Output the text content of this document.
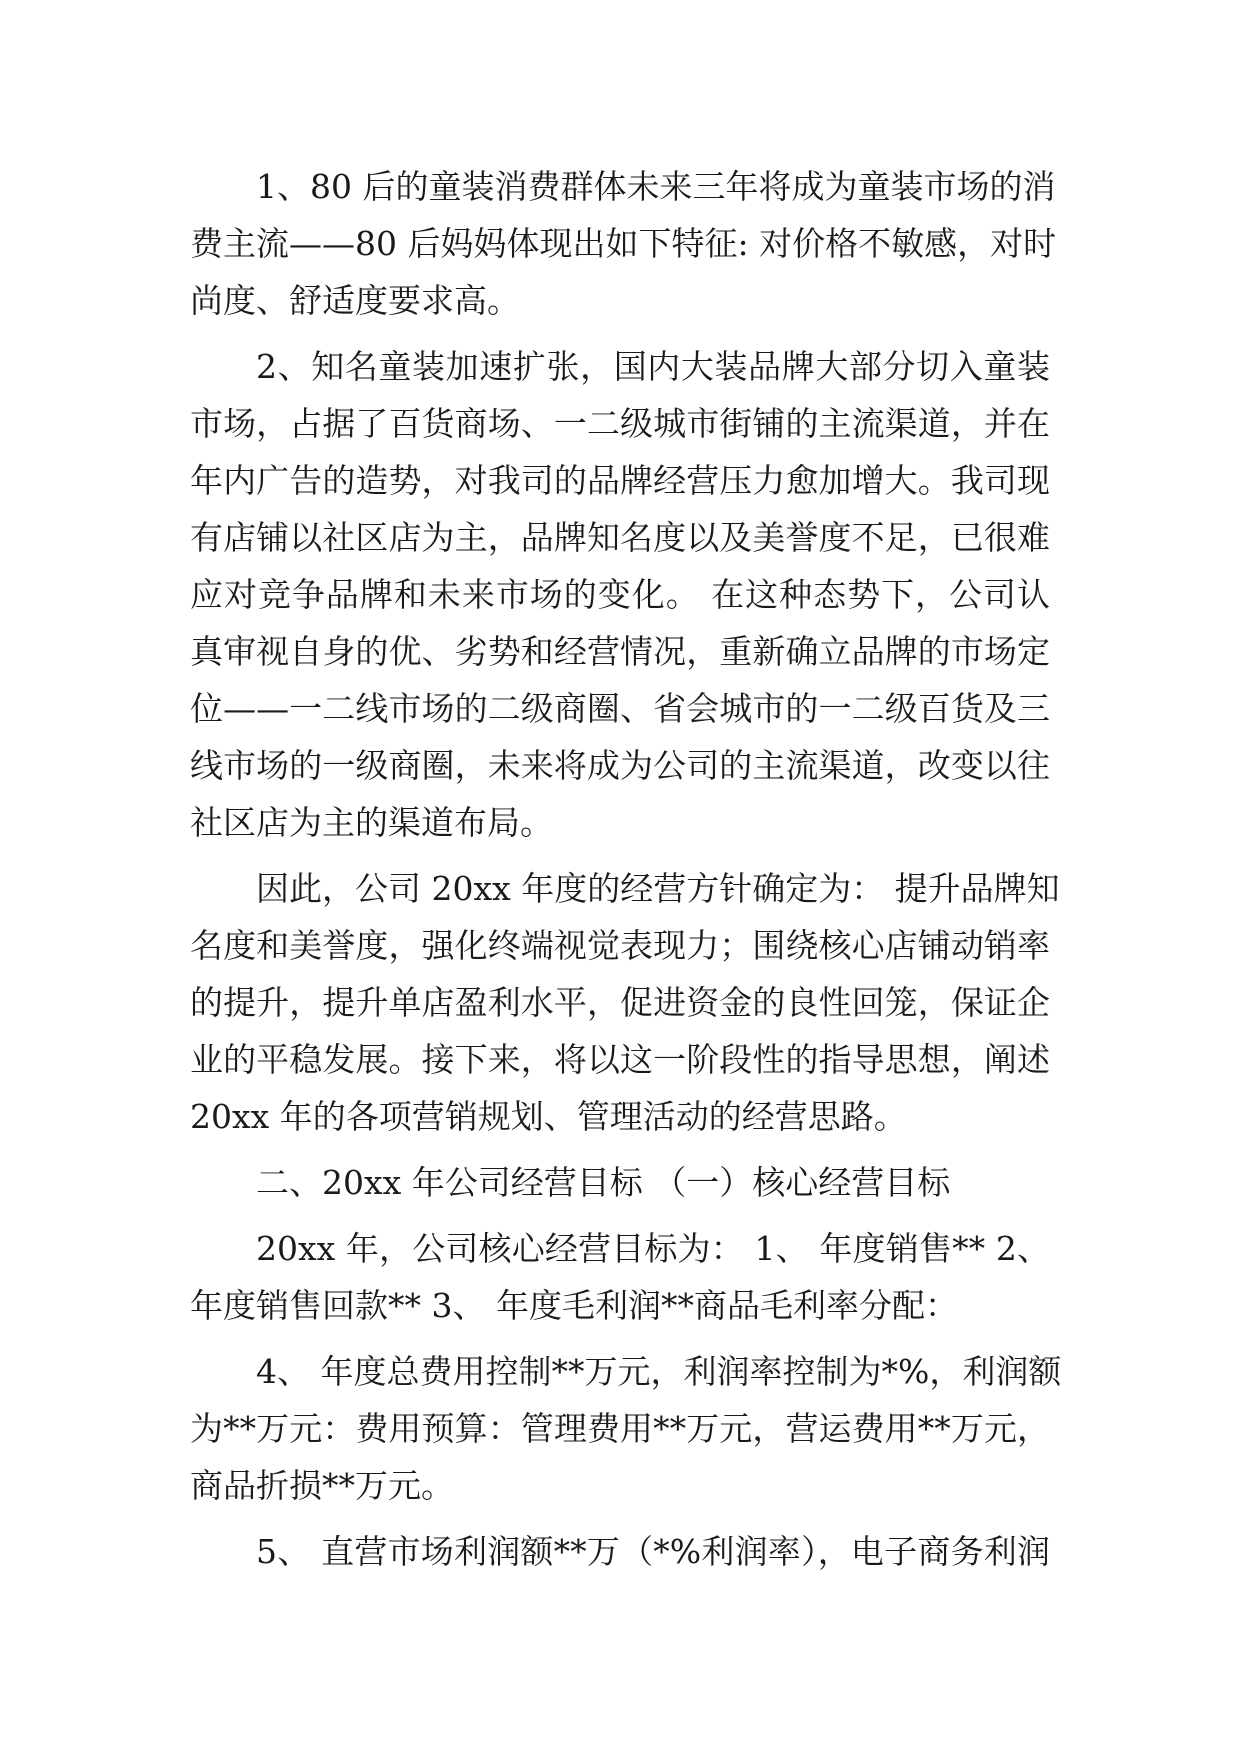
1、80 后的童装消费群体未来三年将成为童装市场的消
费主流——80 后妈妈体现出如下特征: 对价格不敏感，对时
尚度、舒适度要求高。
2、知名童装加速扩张，国内大装品牌大部分切入童装
市场，占据了百货商场、一二级城市街铺的主流渠道，并在
年内广告的造势，对我司的品牌经营压力愈加增大。我司现
有店铺以社区店为主，品牌知名度以及美誉度不足，已很难
应对竞争品牌和未来市场的变化。 在这种态势下，公司认
真审视自身的优、劣势和经营情况，重新确立品牌的市场定
位——一二线市场的二级商圈、省会城市的一二级百货及三
线市场的一级商圈，未来将成为公司的主流渠道，改变以往
社区店为主的渠道布局。
因此，公司 20xx 年度的经营方针确定为： 提升品牌知
名度和美誉度，强化终端视觉表现力；围绕核心店铺动销率
的提升，提升单店盈利水平，促进资金的良性回笼，保证企
业的平稳发展。接下来，将以这一阶段性的指导思想，阐述
20xx 年的各项营销规划、管理活动的经营思路。
二、20xx 年公司经营目标 （一）核心经营目标
20xx 年，公司核心经营目标为： 1、 年度销售** 2、
年度销售回款** 3、 年度毛利润**商品毛利率分配：
4、 年度总费用控制**万元，利润率控制为*%，利润额
为**万元：费用预算：管理费用**万元，营运费用**万元，
商品折损**万元。
5、 直营市场利润额**万（*%利润率），电子商务利润
